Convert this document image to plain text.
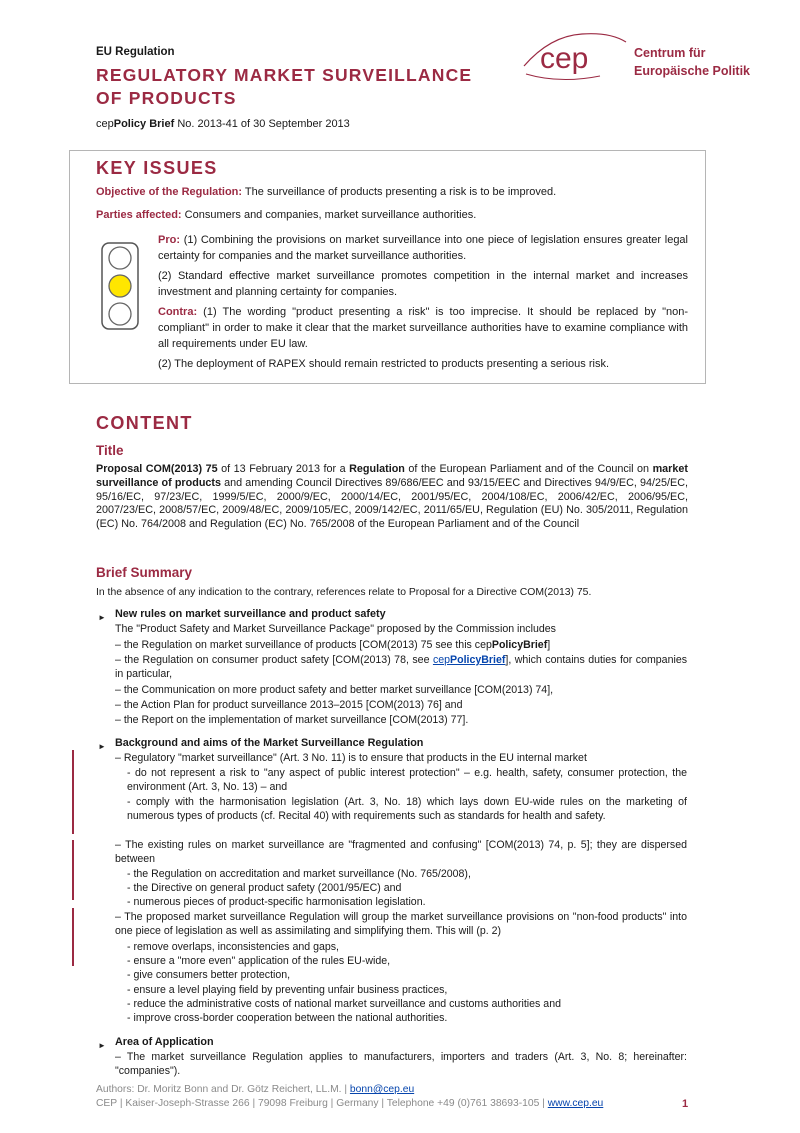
EU Regulation
REGULATORY MARKET SURVEILLANCE
OF PRODUCTS
cepPolicy Brief No. 2013-41 of 30 September 2013
cep	Centrum für
Europäische Politik
KEY ISSUES
Objective of the Regulation: The surveillance of products presenting a risk is to be improved.
Parties affected: Consumers and companies, market surveillance authorities.
Pro: (1) Combining the provisions on market surveillance into one piece of legislation ensures greater legal certainty for companies and the market surveillance authorities.
(2) Standard effective market surveillance promotes competition in the internal market and increases investment and planning certainty for companies.
Contra: (1) The wording "product presenting a risk" is too imprecise. It should be replaced by "non-compliant" in order to make it clear that the market surveillance authorities have to examine compliance with all requirements under EU law.
(2) The deployment of RAPEX should remain restricted to products presenting a serious risk.
CONTENT
Title
Proposal COM(2013) 75 of 13 February 2013 for a Regulation of the European Parliament and of the Council on market surveillance of products and amending Council Directives 89/686/EEC and 93/15/EEC and Directives 94/9/EC, 94/25/EC, 95/16/EC, 97/23/EC, 1999/5/EC, 2000/9/EC, 2000/14/EC, 2001/95/EC, 2004/108/EC, 2006/42/EC, 2006/95/EC, 2007/23/EC, 2008/57/EC, 2009/48/EC, 2009/105/EC, 2009/142/EC, 2011/65/EU, Regulation (EU) No. 305/2011, Regulation (EC) No. 764/2008 and Regulation (EC) No. 765/2008 of the European Parliament and of the Council
Brief Summary
In the absence of any indication to the contrary, references relate to Proposal for a Directive COM(2013) 75.
► New rules on market surveillance and product safety
The "Product Safety and Market Surveillance Package" proposed by the Commission includes
– the Regulation on market surveillance of products [COM(2013) 75 see this cepPolicyBrief]
– the Regulation on consumer product safety [COM(2013) 78, see cepPolicyBrief], which contains duties for companies in particular,
– the Communication on more product safety and better market surveillance [COM(2013) 74],
– the Action Plan for product surveillance 2013–2015 [COM(2013) 76] and
– the Report on the implementation of market surveillance [COM(2013) 77].
► Background and aims of the Market Surveillance Regulation
– Regulatory "market surveillance" (Art. 3 No. 11) is to ensure that products in the EU internal market
- do not represent a risk to "any aspect of public interest protection" – e.g. health, safety, consumer protection, the environment (Art. 3, No. 13) – and
- comply with the harmonisation legislation (Art. 3, No. 18) which lays down EU-wide rules on the marketing of numerous types of products (cf. Recital 40) with requirements such as standards for health and safety.
– The existing rules on market surveillance are "fragmented and confusing" [COM(2013) 74, p. 5]; they are dispersed between
- the Regulation on accreditation and market surveillance (No. 765/2008),
- the Directive on general product safety (2001/95/EC) and
- numerous pieces of product-specific harmonisation legislation.
– The proposed market surveillance Regulation will group the market surveillance provisions on "non-food products" into one piece of legislation as well as assimilating and simplifying them. This will (p. 2)
- remove overlaps, inconsistencies and gaps,
- ensure a "more even" application of the rules EU-wide,
- give consumers better protection,
- ensure a level playing field by preventing unfair business practices,
- reduce the administrative costs of national market surveillance and customs authorities and
- improve cross-border cooperation between the national authorities.
► Area of Application
– The market surveillance Regulation applies to manufacturers, importers and traders (Art. 3, No. 8; hereinafter: "companies").
Authors: Dr. Moritz Bonn and Dr. Götz Reichert, LL.M. | bonn@cep.eu
CEP | Kaiser-Joseph-Strasse 266 | 79098 Freiburg | Germany | Telephone +49 (0)761 38693-105 | www.cep.eu	1
